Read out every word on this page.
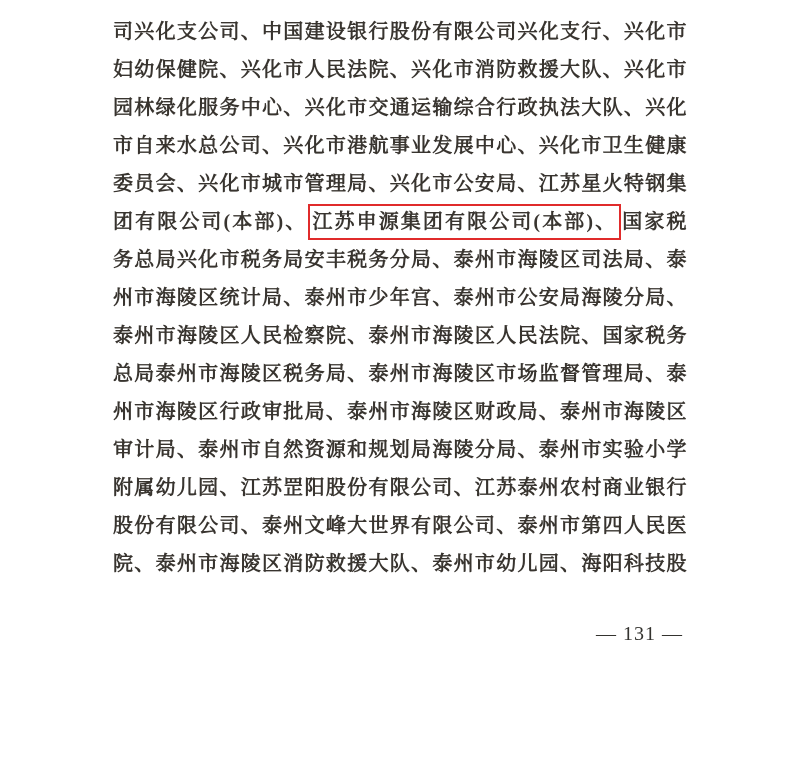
司兴化支公司、中国建设银行股份有限公司兴化支行、兴化市
妇幼保健院、兴化市人民法院、兴化市消防救援大队、兴化市
园林绿化服务中心、兴化市交通运输综合行政执法大队、兴化
市自来水总公司、兴化市港航事业发展中心、兴化市卫生健康
委员会、兴化市城市管理局、兴化市公安局、江苏星火特钢集
团有限公司(本部)、 江苏申源集团有限公司(本部)、 国家税
务总局兴化市税务局安丰税务分局、泰州市海陵区司法局、泰
州市海陵区统计局、泰州市少年宫、泰州市公安局海陵分局、
泰州市海陵区人民检察院、泰州市海陵区人民法院、国家税务
总局泰州市海陵区税务局、泰州市海陵区市场监督管理局、泰
州市海陵区行政审批局、泰州市海陵区财政局、泰州市海陵区
审计局、泰州市自然资源和规划局海陵分局、泰州市实验小学
附属幼儿园、江苏罡阳股份有限公司、江苏泰州农村商业银行
股份有限公司、泰州文峰大世界有限公司、泰州市第四人民医
院、泰州市海陵区消防救援大队、泰州市幼儿园、海阳科技股
— 131 —
